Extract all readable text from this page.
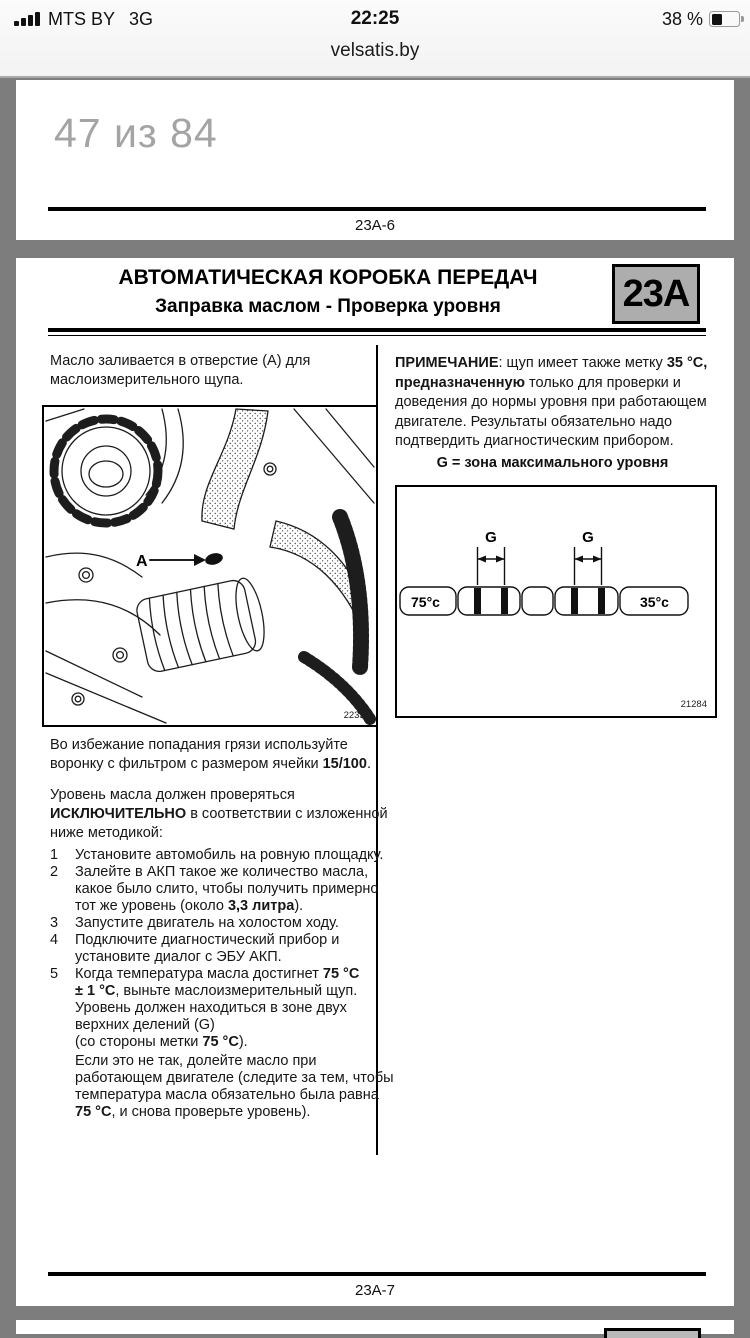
MTS BY 3G	22:25	38 %
velsatis.by
47 из 84
23A-6
АВТОМАТИЧЕСКАЯ КОРОБКА ПЕРЕДАЧ
Заправка маслом - Проверка уровня	23A
Масло заливается в отверстие (А) для
маслоизмерительного щупа.
A
22339
Во избежание попадания грязи используйте
воронку с фильтром с размером ячейки 15/100.
Уровень масла должен проверяться
ИСКЛЮЧИТЕЛЬНО в соответствии с изложенной
ниже методикой:
1	Установите автомобиль на ровную площадку.
2	Залейте в АКП такое же количество масла,
какое было слито, чтобы получить примерно
тот же уровень (около 3,3 литра).
3	Запустите двигатель на холостом ходу.
4	Подключите диагностический прибор и
установите диалог с ЭБУ АКП.
5	Когда температура масла достигнет 75 °C
± 1 °C, выньте маслоизмерительный щуп.
Уровень должен находиться в зоне двух
верхних делений (G)
(со стороны метки 75 °C).
Если это не так, долейте масло при
работающем двигателе (следите за тем, чтобы
температура масла обязательно была равна
75 °C, и снова проверьте уровень).
ПРИМЕЧАНИЕ: щуп имеет также метку 35 °C,
предназначенную только для проверки и
доведения до нормы уровня при работающем
двигателе. Результаты обязательно надо
подтвердить диагностическим прибором.
G = зона максимального уровня
G	G
75°c	35°c
21284
23A-7
